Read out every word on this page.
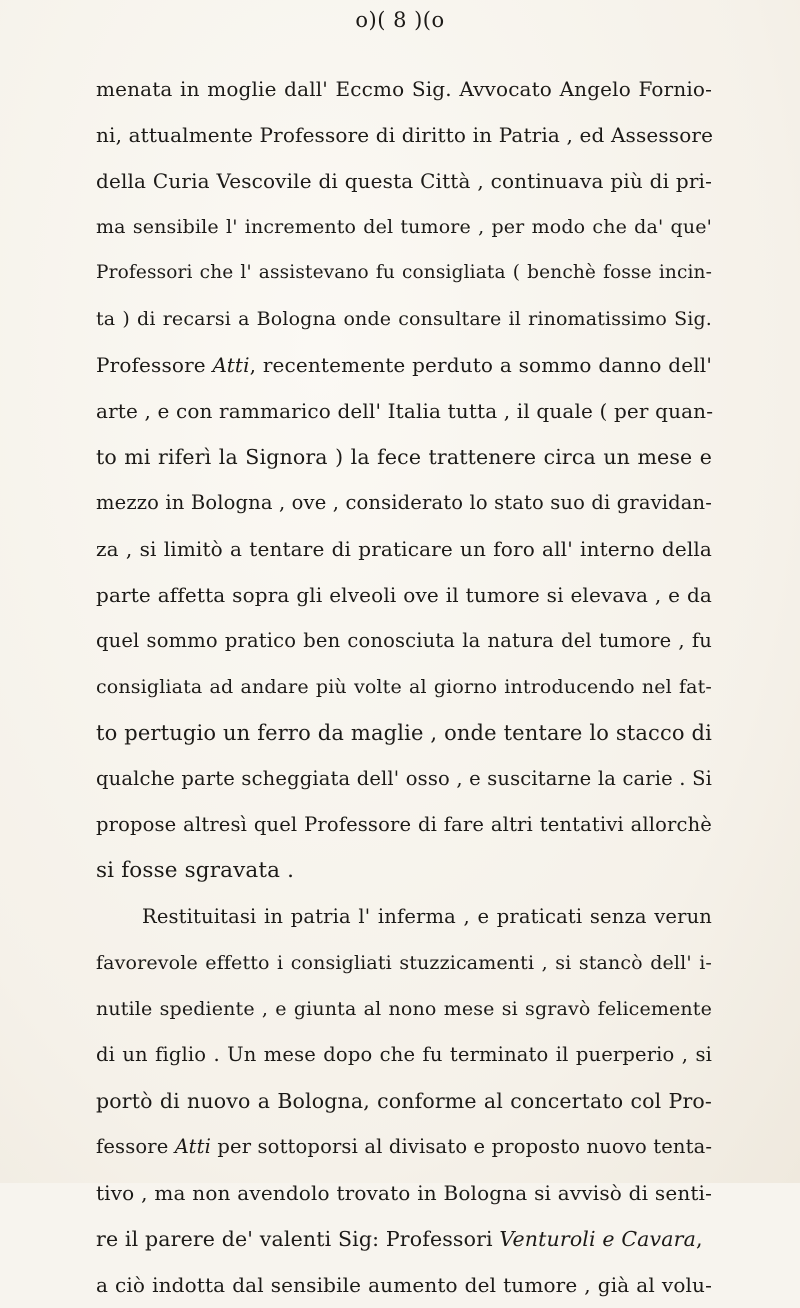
o)( 8 )(o
menata in moglie dall' Eccmo Sig. Avvocato Angelo Fornio-
ni, attualmente Professore di diritto in Patria , ed Assessore
della Curia Vescovile di questa Città , continuava più di pri-
ma sensibile l' incremento del tumore , per modo che da' que'
Professori che l' assistevano fu consigliata ( benchè fosse incin-
ta ) di recarsi a Bologna onde consultare il rinomatissimo Sig.
Professore Atti, recentemente perduto a sommo danno dell'
arte , e con rammarico dell' Italia tutta , il quale ( per quan-
to mi riferì la Signora ) la fece trattenere circa un mese e
mezzo in Bologna , ove , considerato lo stato suo di gravidan-
za , si limitò a tentare di praticare un foro all' interno della
parte affetta sopra gli elveoli ove il tumore si elevava , e da
quel sommo pratico ben conosciuta la natura del tumore , fu
consigliata ad andare più volte al giorno introducendo nel fat-
to pertugio un ferro da maglie , onde tentare lo stacco di
qualche parte scheggiata dell' osso , e suscitarne la carie . Si
propose altresì quel Professore di fare altri tentativi allorchè
si fosse sgravata .
Restituitasi in patria l' inferma , e praticati senza verun
favorevole effetto i consigliati stuzzicamenti , si stancò dell' i-
nutile spediente , e giunta al nono mese si sgravò felicemente
di un figlio . Un mese dopo che fu terminato il puerperio , si
portò di nuovo a Bologna, conforme al concertato col Pro-
fessore Atti per sottoporsi al divisato e proposto nuovo tenta-
tivo , ma non avendolo trovato in Bologna si avvisò di senti-
re il parere de' valenti Sig: Professori Venturoli e Cavara,
a ciò indotta dal sensibile aumento del tumore , già al volu-
